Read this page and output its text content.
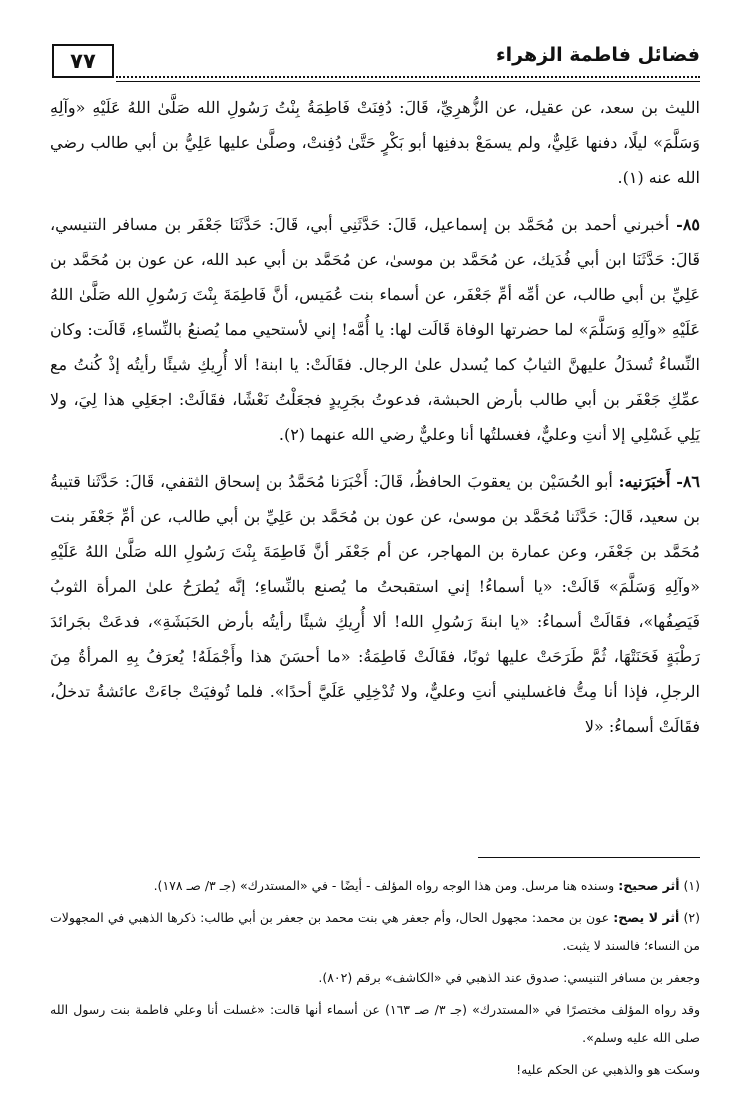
٧٧	فضائل فاطمة الزهراء

الليث بن سعد، عن عقيل، عن الزُّهرِيِّ، قَالَ: دُفِنَتْ فَاطِمَةُ بِنْتُ رَسُولِ الله صَلَّىٰ اللهُ عَلَيْهِ «وآلِهِ وَسَلَّمَ» ليلًا، دفنها عَلِيٌّ، ولم يسمَعْ بدفنِها أبو بَكْرٍ حَتَّىٰ دُفِنتْ، وصلَّىٰ عليها عَلِيُّ بن أبي طالب رضي الله عنه (١).

٨٥- أخبرني أحمد بن مُحَمَّد بن إسماعيل، قَالَ: حَدَّثَنِي أبي، قَالَ: حَدَّثَنَا جَعْفَر بن مسافر التنيسي، قَالَ: حَدَّثَنَا ابن أبي فُدَيك، عن مُحَمَّد بن موسىٰ، عن مُحَمَّد بن أبي عبد الله، عن عون بن مُحَمَّد بن عَلِيِّ بن أبي طالب، عن أمِّه أمِّ جَعْفَر، عن أسماء بنت عُمَيس، أنَّ فَاطِمَةَ بِنْتَ رَسُولِ الله صَلَّىٰ اللهُ عَلَيْهِ «وآلِهِ وَسَلَّمَ» لما حضرتها الوفاة قَالَت لها: يا أُمَّه! إني لأستحيي مما يُصنعُ بالنِّساءِ، قَالَت: وكان النِّساءُ تُسدَلُ عليهنَّ الثيابُ كما يُسدل علىٰ الرجال. فقَالَتْ: يا ابنة! ألا أُرِيكِ شيئًا رأيتُه إذْ كُنتُ مع عمِّكِ جَعْفَر بن أبي طالب بأرض الحبشة، فدعوتُ بجَرِيدٍ فجعَلْتُ نَعْشًا، فقَالَتْ: اجعَلِي هذا لِيَ، ولا يَلِي غَسْلِي إلا أنتِ وعليٌّ، فغسلتُها أنا وعليٌّ رضي الله عنهما (٢).

٨٦- أَخبَرَنيه: أبو الحُسَيْن بن يعقوبَ الحافظُ، قَالَ: أَخْبَرَنا مُحَمَّدُ بن إسحاق الثقفي، قَالَ: حَدَّثَنا قتيبةُ بن سعيد، قَالَ: حَدَّثَنا مُحَمَّد بن موسىٰ، عن عون بن مُحَمَّد بن عَلِيِّ بن أبي طالب، عن أمِّ جَعْفَر بنت مُحَمَّد بن جَعْفَر، وعن عمارة بن المهاجر، عن أم جَعْفَر أنَّ فَاطِمَةَ بِنْتَ رَسُولِ الله صَلَّىٰ اللهُ عَلَيْهِ «وآلِهِ وَسَلَّمَ» قَالَتْ: «يا أسماءُ! إني استقبحتُ ما يُصنع بالنِّساءِ؛ إنَّه يُطرَحُ علىٰ المرأة الثوبُ فَيَصِفُها»، فقَالَتْ أسماءُ: «يا ابنةَ رَسُولِ الله! ألا أُرِيكِ شيئًا رأيتُه بأرض الحَبَشَةِ»، فدعَتْ بجَرائدَ رَطْبَةٍ فَحَنَتْهَا، ثُمَّ طَرَحَتْ عليها ثوبًا، فقَالَتْ فَاطِمَةُ: «ما أحسَنَ هذا وأَجْمَلَهُ! يُعرَفُ بِهِ المرأةُ مِنَ الرجلِ، فإذا أنا مِتُّ فاغسليني أنتِ وعليٌّ، ولا تُدْخِلِي عَلَيَّ أحدًا». فلما تُوفيَتْ جاءَتْ عائشةُ تدخلُ، فقَالَتْ أسماءُ: «لا

(١) أثر صحيح: وسنده هنا مرسل. ومن هذا الوجه رواه المؤلف - أيضًا - في «المستدرك» (جـ ٣/ صـ ١٧٨).

(٢) أثر لا يصح: عون بن محمد: مجهول الحال، وأم جعفر هي بنت محمد بن جعفر بن أبي طالب: ذكرها الذهبي في المجهولات من النساء؛ فالسند لا يثبت.

وجعفر بن مسافر التنيسي: صدوق عند الذهبي في «الكاشف» برقم (٨٠٢).

وقد رواه المؤلف مختصرًا في «المستدرك» (جـ ٣/ صـ ١٦٣) عن أسماء أنها قالت: «غسلت أنا وعلي فاطمة بنت رسول الله صلى الله عليه وسلم».

وسكت هو والذهبي عن الحكم عليه!
